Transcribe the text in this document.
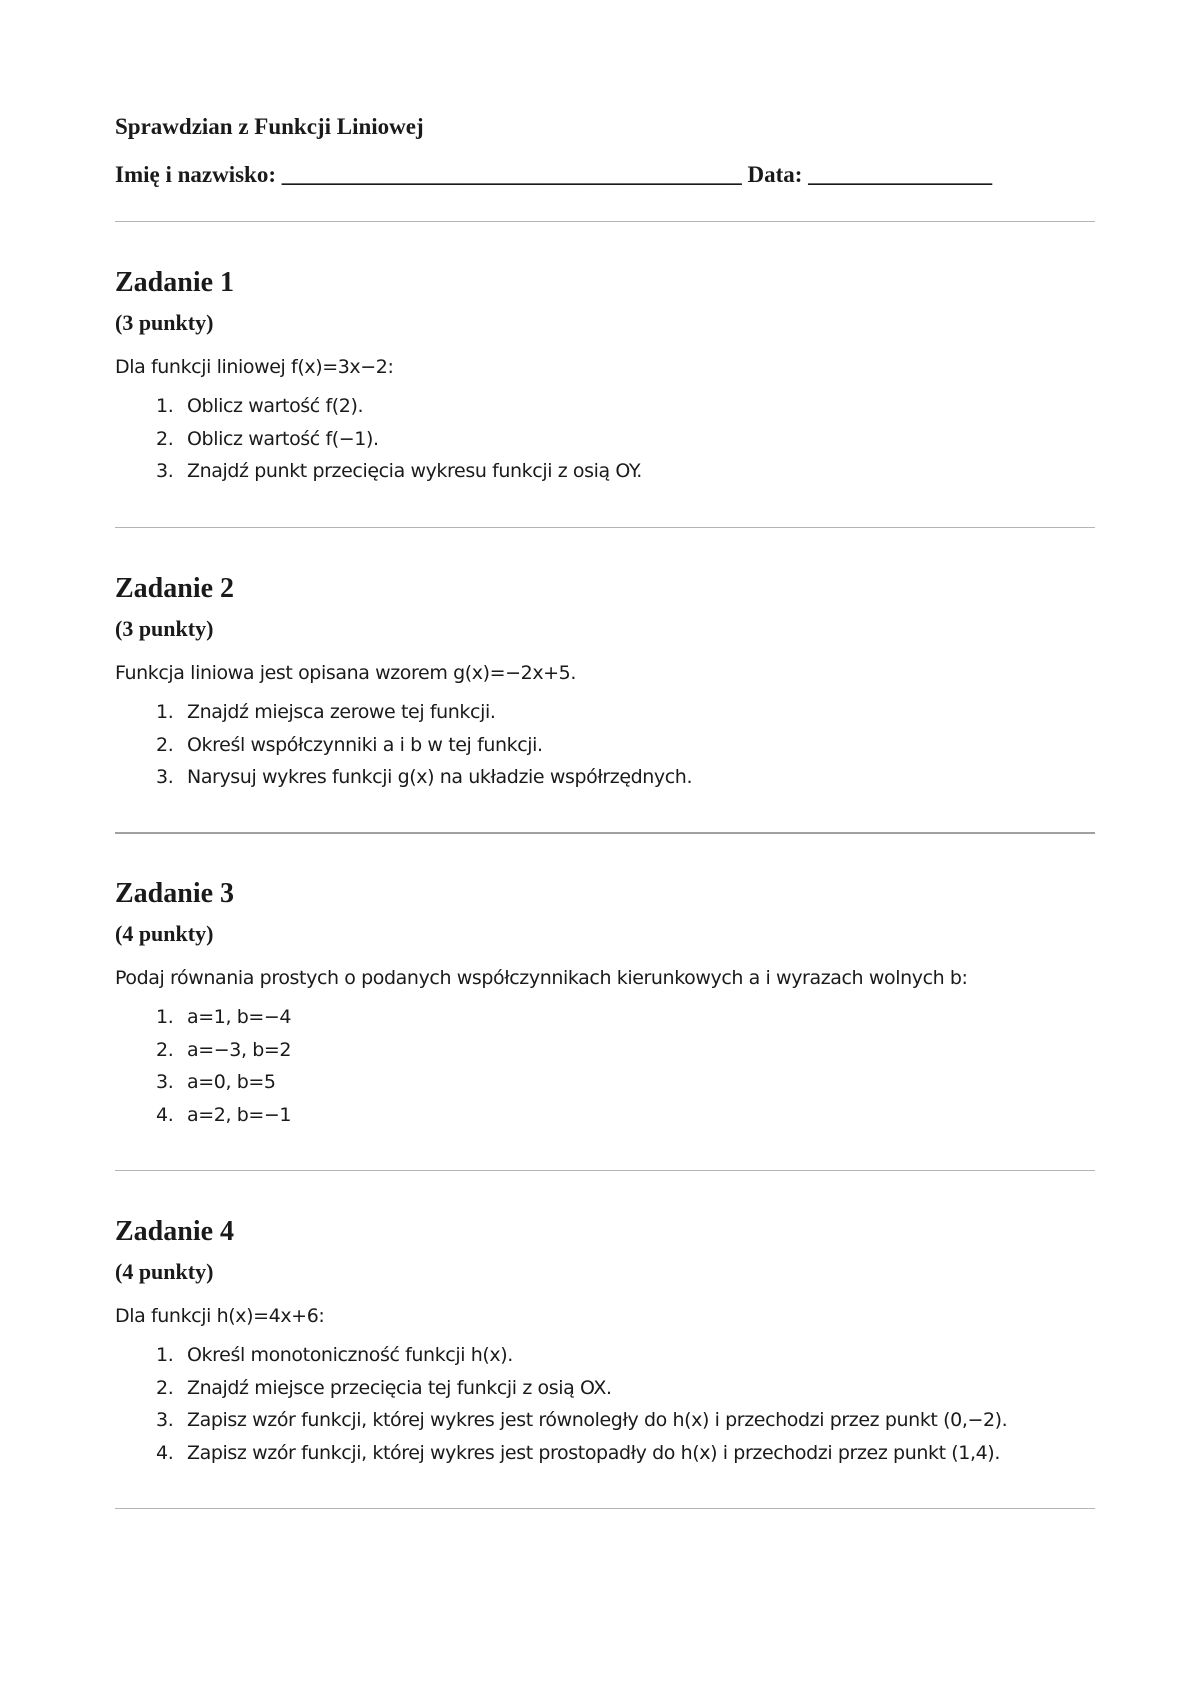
Sprawdzian z Funkcji Liniowej
Imię i nazwisko: ________________________________________ Data: ________________
Zadanie 1
(3 punkty)
Dla funkcji liniowej f(x)=3x−2:
1. Oblicz wartość f(2).
2. Oblicz wartość f(−1).
3. Znajdź punkt przecięcia wykresu funkcji z osią OY.
Zadanie 2
(3 punkty)
Funkcja liniowa jest opisana wzorem g(x)=−2x+5.
1. Znajdź miejsca zerowe tej funkcji.
2. Określ współczynniki a i b w tej funkcji.
3. Narysuj wykres funkcji g(x) na układzie współrzędnych.
Zadanie 3
(4 punkty)
Podaj równania prostych o podanych współczynnikach kierunkowych a i wyrazach wolnych b:
1. a=1, b=−4
2. a=−3, b=2
3. a=0, b=5
4. a=2, b=−1
Zadanie 4
(4 punkty)
Dla funkcji h(x)=4x+6:
1. Określ monotoniczność funkcji h(x).
2. Znajdź miejsce przecięcia tej funkcji z osią OX.
3. Zapisz wzór funkcji, której wykres jest równoległy do h(x) i przechodzi przez punkt (0,−2).
4. Zapisz wzór funkcji, której wykres jest prostopadły do h(x) i przechodzi przez punkt (1,4).
